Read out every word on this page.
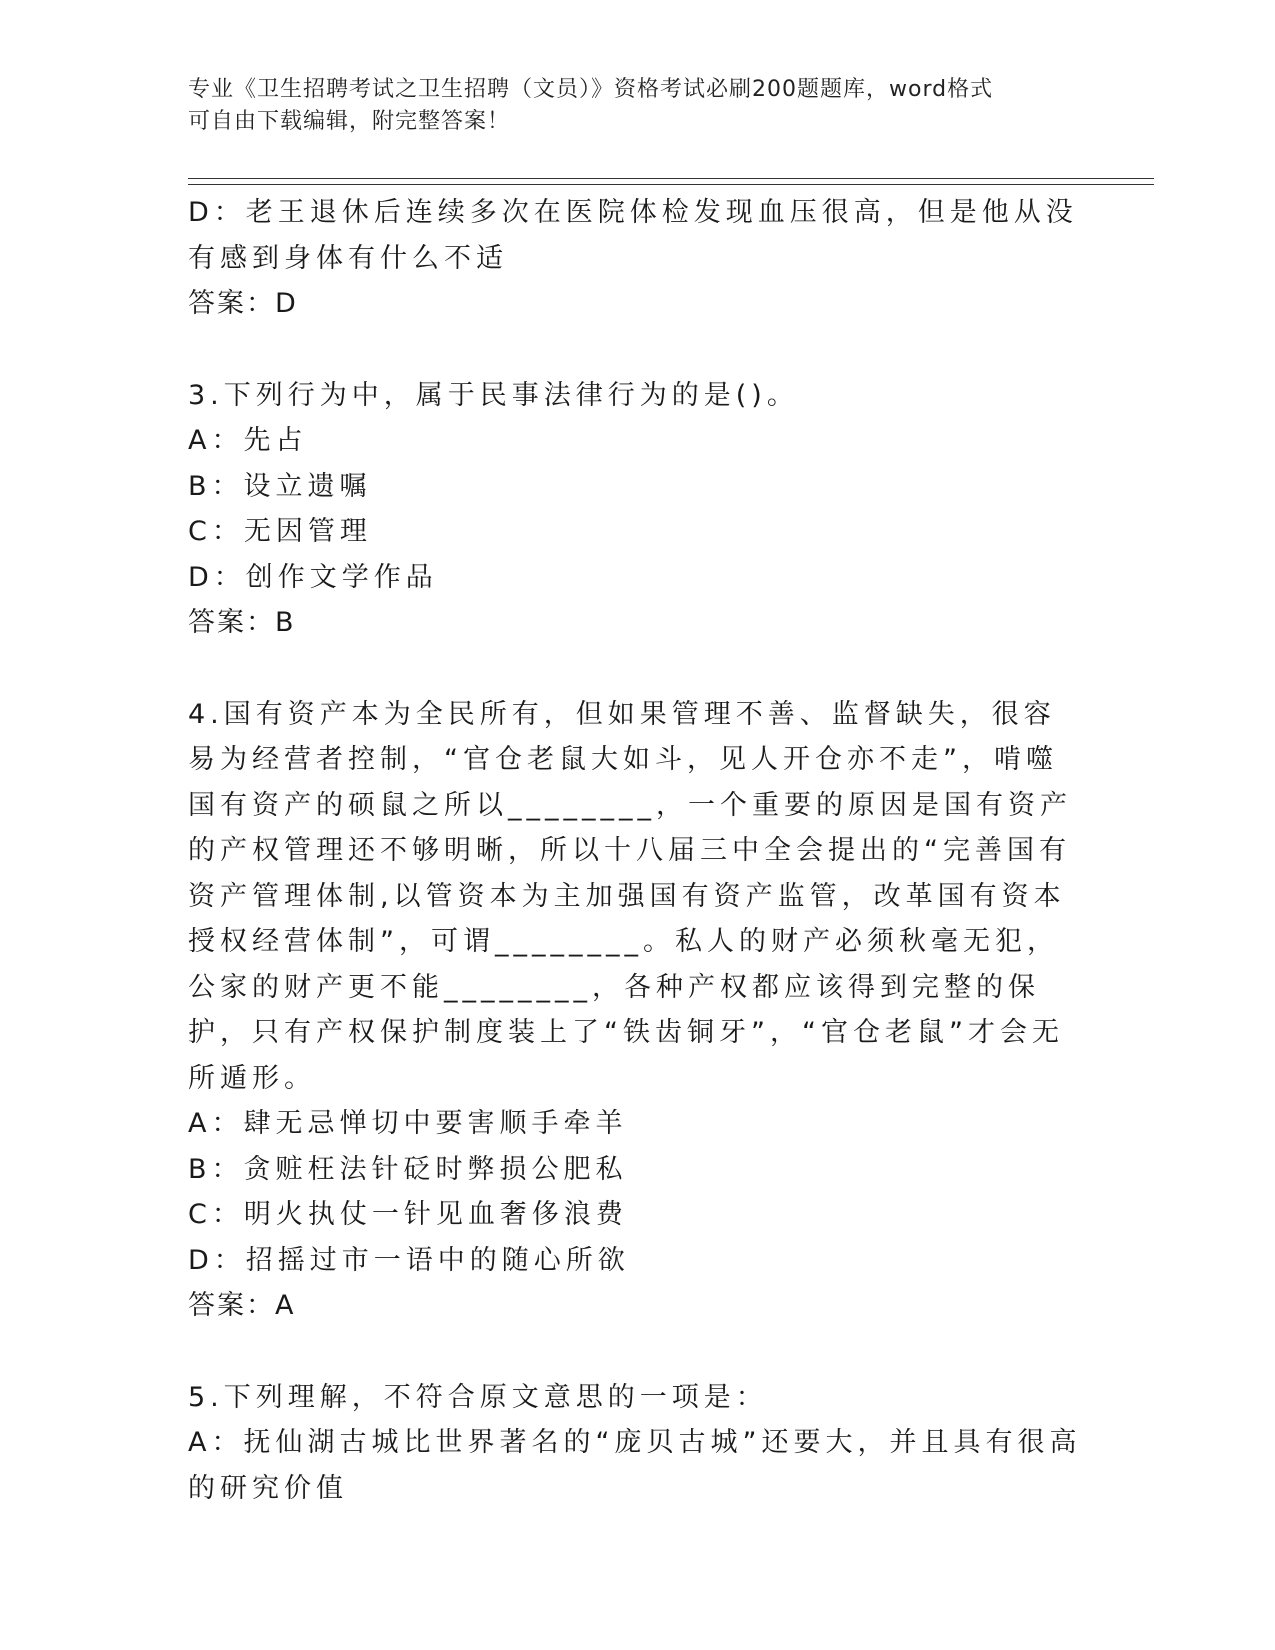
专业《卫生招聘考试之卫生招聘（文员）》资格考试必刷200题题库，word格式
可自由下载编辑，附完整答案！

D：老王退休后连续多次在医院体检发现血压很高，但是他从没有感到身体有什么不适

答案：D

3.下列行为中，属于民事法律行为的是()。

A：先占

B：设立遗嘱

C：无因管理

D：创作文学作品

答案：B

4.国有资产本为全民所有，但如果管理不善、监督缺失，很容易为经营者控制，“官仓老鼠大如斗，见人开仓亦不走”，啃噬国有资产的硕鼠之所以________，一个重要的原因是国有资产的产权管理还不够明晰，所以十八届三中全会提出的“完善国有资产管理体制,以管资本为主加强国有资产监管，改革国有资本授权经营体制”，可谓________。私人的财产必须秋毫无犯，公家的财产更不能________，各种产权都应该得到完整的保护，只有产权保护制度装上了“铁齿铜牙”，“官仓老鼠”才会无所遁形。

A：肆无忌惮切中要害顺手牵羊

B：贪赃枉法针砭时弊损公肥私

C：明火执仗一针见血奢侈浪费

D：招摇过市一语中的随心所欲

答案：A

5.下列理解，不符合原文意思的一项是：

A：抚仙湖古城比世界著名的“庞贝古城”还要大，并且具有很高的研究价值
